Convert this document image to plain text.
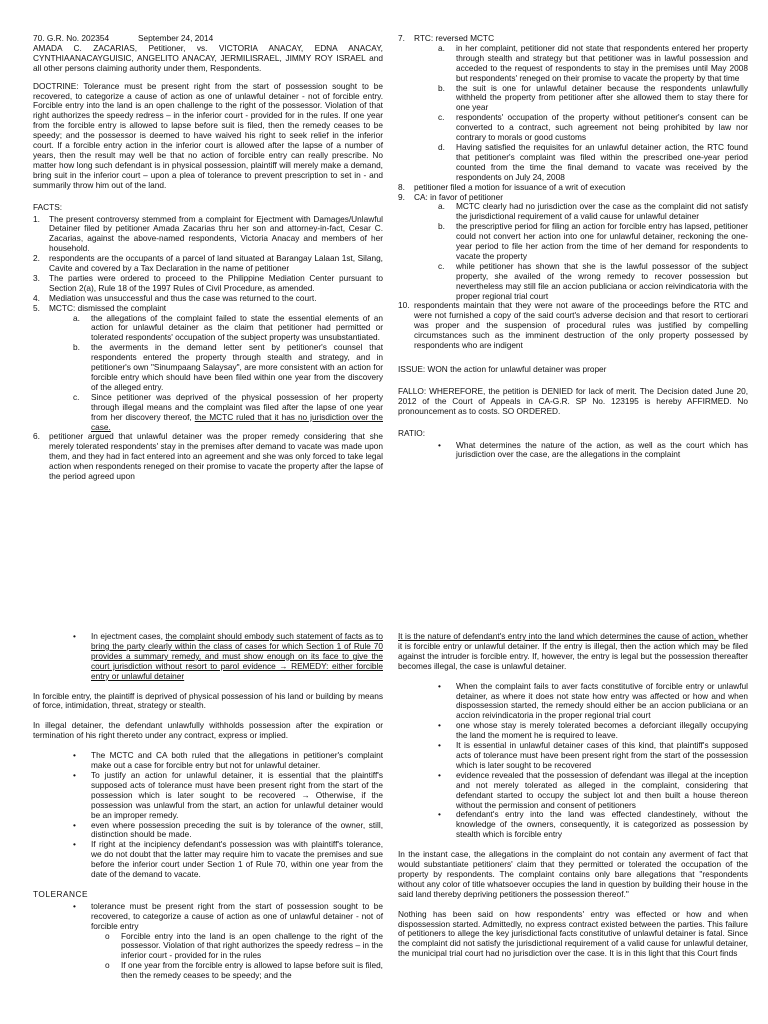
70. G.R. No. 202354	September 24, 2014

AMADA C. ZACARIAS, Petitioner, vs. VICTORIA ANACAY, EDNA ANACAY, CYNTHIAANACAYGUISIC, ANGELITO ANACAY, JERMILISRAEL, JIMMY ROY ISRAEL and all other persons claiming authority under them, Respondents.

DOCTRINE: Tolerance must be present right from the start of possession sought to be recovered, to categorize a cause of action as one of unlawful detainer - not of forcible entry. Forcible entry into the land is an open challenge to the right of the possessor. Violation of that right authorizes the speedy redress – in the inferior court - provided for in the rules. If one year from the forcible entry is allowed to lapse before suit is filed, then the remedy ceases to be speedy; and the possessor is deemed to have waived his right to seek relief in the inferior court. If a forcible entry action in the inferior court is allowed after the lapse of a number of years, then the result may well be that no action of forcible entry can really prescribe. No matter how long such defendant is in physical possession, plaintiff will merely make a demand, bring suit in the inferior court – upon a plea of tolerance to prevent prescription to set in - and summarily throw him out of the land.

FACTS:

1. The present controversy stemmed from a complaint for Ejectment with Damages/Unlawful Detainer filed by petitioner Amada Zacarias thru her son and attorney-in-fact, Cesar C. Zacarias, against the above-named respondents, Victoria Anacay and members of her household.
2. respondents are the occupants of a parcel of land situated at Barangay Lalaan 1st, Silang, Cavite and covered by a Tax Declaration in the name of petitioner
3. The parties were ordered to proceed to the Philippine Mediation Center pursuant to Section 2(a), Rule 18 of the 1997 Rules of Civil Procedure, as amended.
4. Mediation was unsuccessful and thus the case was returned to the court.
5. MCTC: dismissed the complaint
a. the allegations of the complaint failed to state the essential elements of an action for unlawful detainer as the claim that petitioner had permitted or tolerated respondents' occupation of the subject property was unsubstantiated.
b. the averments in the demand letter sent by petitioner's counsel that respondents entered the property through stealth and strategy, and in petitioner's own "Sinumpaang Salaysay", are more consistent with an action for forcible entry which should have been filed within one year from the discovery of the alleged entry.
c. Since petitioner was deprived of the physical possession of her property through illegal means and the complaint was filed after the lapse of one year from her discovery thereof, the MCTC ruled that it has no jurisdiction over the case.
6. petitioner argued that unlawful detainer was the proper remedy considering that she merely tolerated respondents' stay in the premises after demand to vacate was made upon them, and they had in fact entered into an agreement and she was only forced to take legal action when respondents reneged on their promise to vacate the property after the lapse of the period agreed upon
7. RTC: reversed MCTC
a. in her complaint, petitioner did not state that respondents entered her property through stealth and strategy but that petitioner was in lawful possession and acceded to the request of respondents to stay in the premises until May 2008 but respondents' reneged on their promise to vacate the property by that time
b. the suit is one for unlawful detainer because the respondents unlawfully withheld the property from petitioner after she allowed them to stay there for one year
c. respondents' occupation of the property without petitioner's consent can be converted to a contract, such agreement not being prohibited by law nor contrary to morals or good customs
d. Having satisfied the requisites for an unlawful detainer action, the RTC found that petitioner's complaint was filed within the prescribed one-year period counted from the time the final demand to vacate was received by the respondents on July 24, 2008
8. petitioner filed a motion for issuance of a writ of execution
9. CA: in favor of petitioner
a. MCTC clearly had no jurisdiction over the case as the complaint did not satisfy the jurisdictional requirement of a valid cause for unlawful detainer
b. the prescriptive period for filing an action for forcible entry has lapsed, petitioner could not convert her action into one for unlawful detainer, reckoning the one-year period to file her action from the time of her demand for respondents to vacate the property
c. while petitioner has shown that she is the lawful possessor of the subject property, she availed of the wrong remedy to recover possession but nevertheless may still file an accion publiciana or accion reivindicatoria with the proper regional trial court
10. respondents maintain that they were not aware of the proceedings before the RTC and were not furnished a copy of the said court's adverse decision and that resort to certiorari was proper and the suspension of procedural rules was justified by compelling circumstances such as the imminent destruction of the only property possessed by respondents who are indigent

ISSUE: WON the action for unlawful detainer was proper

FALLO: WHEREFORE, the petition is DENIED for lack of merit. The Decision dated June 20, 2012 of the Court of Appeals in CA-G.R. SP No. 123195 is hereby AFFIRMED. No pronouncement as to costs. SO ORDERED.

RATIO:

• What determines the nature of the action, as well as the court which has jurisdiction over the case, are the allegations in the complaint
• In ejectment cases, the complaint should embody such statement of facts as to bring the party clearly within the class of cases for which Section 1 of Rule 70 provides a summary remedy, and must show enough on its face to give the court jurisdiction without resort to parol evidence → REMEDY: either forcible entry or unlawful detainer

In forcible entry, the plaintiff is deprived of physical possession of his land or building by means of force, intimidation, threat, strategy or stealth.

In illegal detainer, the defendant unlawfully withholds possession after the expiration or termination of his right thereto under any contract, express or implied.

• The MCTC and CA both ruled that the allegations in petitioner's complaint make out a case for forcible entry but not for unlawful detainer.
• To justify an action for unlawful detainer, it is essential that the plaintiff's supposed acts of tolerance must have been present right from the start of the possession which is later sought to be recovered → Otherwise, if the possession was unlawful from the start, an action for unlawful detainer would be an improper remedy.
• even where possession preceding the suit is by tolerance of the owner, still, distinction should be made.
• If right at the incipiency defendant's possession was with plaintiff's tolerance, we do not doubt that the latter may require him to vacate the premises and sue before the inferior court under Section 1 of Rule 70, within one year from the date of the demand to vacate.

TOLERANCE

• tolerance must be present right from the start of possession sought to be recovered, to categorize a cause of action as one of unlawful detainer - not of forcible entry
o Forcible entry into the land is an open challenge to the right of the possessor. Violation of that right authorizes the speedy redress – in the inferior court - provided for in the rules
o If one year from the forcible entry is allowed to lapse before suit is filed, then the remedy ceases to be speedy; and the

It is the nature of defendant's entry into the land which determines the cause of action, whether it is forcible entry or unlawful detainer. If the entry is illegal, then the action which may be filed against the intruder is forcible entry. If, however, the entry is legal but the possession thereafter becomes illegal, the case is unlawful detainer.

• When the complaint fails to aver facts constitutive of forcible entry or unlawful detainer, as where it does not state how entry was affected or how and when dispossession started, the remedy should either be an accion publiciana or an accion reivindicatoria in the proper regional trial court
• one whose stay is merely tolerated becomes a deforciant illegally occupying the land the moment he is required to leave.
• It is essential in unlawful detainer cases of this kind, that plaintiff's supposed acts of tolerance must have been present right from the start of the possession which is later sought to be recovered
• evidence revealed that the possession of defendant was illegal at the inception and not merely tolerated as alleged in the complaint, considering that defendant started to occupy the subject lot and then built a house thereon without the permission and consent of petitioners
• defendant's entry into the land was effected clandestinely, without the knowledge of the owners, consequently, it is categorized as possession by stealth which is forcible entry

In the instant case, the allegations in the complaint do not contain any averment of fact that would substantiate petitioners' claim that they permitted or tolerated the occupation of the property by respondents. The complaint contains only bare allegations that "respondents without any color of title whatsoever occupies the land in question by building their house in the said land thereby depriving petitioners the possession thereof."

Nothing has been said on how respondents' entry was effected or how and when dispossession started. Admittedly, no express contract existed between the parties. This failure of petitioners to allege the key jurisdictional facts constitutive of unlawful detainer is fatal. Since the complaint did not satisfy the jurisdictional requirement of a valid cause for unlawful detainer, the municipal trial court had no jurisdiction over the case. It is in this light that this Court finds
